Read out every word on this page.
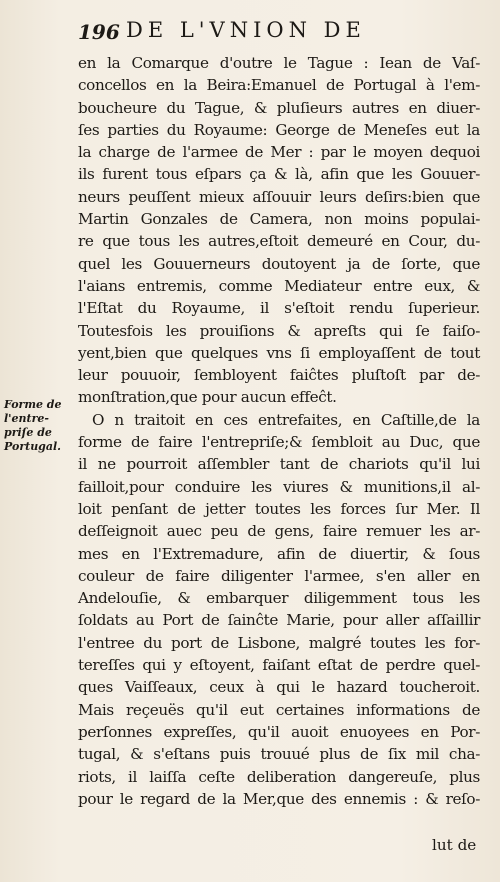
196 DE L'VNION DE
Forme de
l'entre-
priſe de
Portugal.
en la Comarque d'outre le Tague : Iean de Vaſ-
concellos en la Beira:Emanuel de Portugal à l'em-
boucheure du Tague, & pluſieurs autres en diuer-
ſes parties du Royaume: George de Meneſes eut la
la charge de l'armee de Mer : par le moyen dequoi
ils furent tous eſpars ça & là, afin que les Gouuer-
neurs peuſſent mieux aſſouuir leurs deſirs:bien que
Martin Gonzales de Camera, non moins populai-
re que tous les autres,eſtoit demeuré en Cour, du-
quel les Gouuerneurs doutoyent ja de ſorte, que
l'aians entremis, comme Mediateur entre eux, &
l'Eſtat du Royaume, il s'eſtoit rendu ſuperieur.
Toutesfois les prouiſions & apreſts qui ſe faiſo-
yent,bien que quelques vns ſi employaſſent de tout
leur pouuoir, ſembloyent faiĉtes pluſtoſt par de-
monſtration,que pour aucun effeĉt.
O n traitoit en ces entrefaites, en Caſtille,de la
forme de faire l'entrepriſe;& ſembloit au Duc, que
il ne pourroit aſſembler tant de chariots qu'il lui
failloit,pour conduire les viures & munitions,il al-
loit penſant de jetter toutes les forces ſur Mer. Il
deſſeignoit auec peu de gens, faire remuer les ar-
mes en l'Extremadure, afin de diuertir, & ſous
couleur de faire diligenter l'armee, s'en aller en
Andelouſie, & embarquer diligemment tous les
ſoldats au Port de ſainĉte Marie, pour aller aſſaillir
l'entree du port de Lisbone, malgré toutes les for-
tereſſes qui y eſtoyent, faiſant eſtat de perdre quel-
ques Vaiſſeaux, ceux à qui le hazard toucheroit.
Mais reçeuës qu'il eut certaines informations de
perſonnes expreſſes, qu'il auoit enuoyees en Por-
tugal, & s'eſtans puis trouué plus de ſix mil cha-
riots, il laiſſa ceſte deliberation dangereuſe, plus
pour le regard de la Mer,que des ennemis : & reſo-
lut de
